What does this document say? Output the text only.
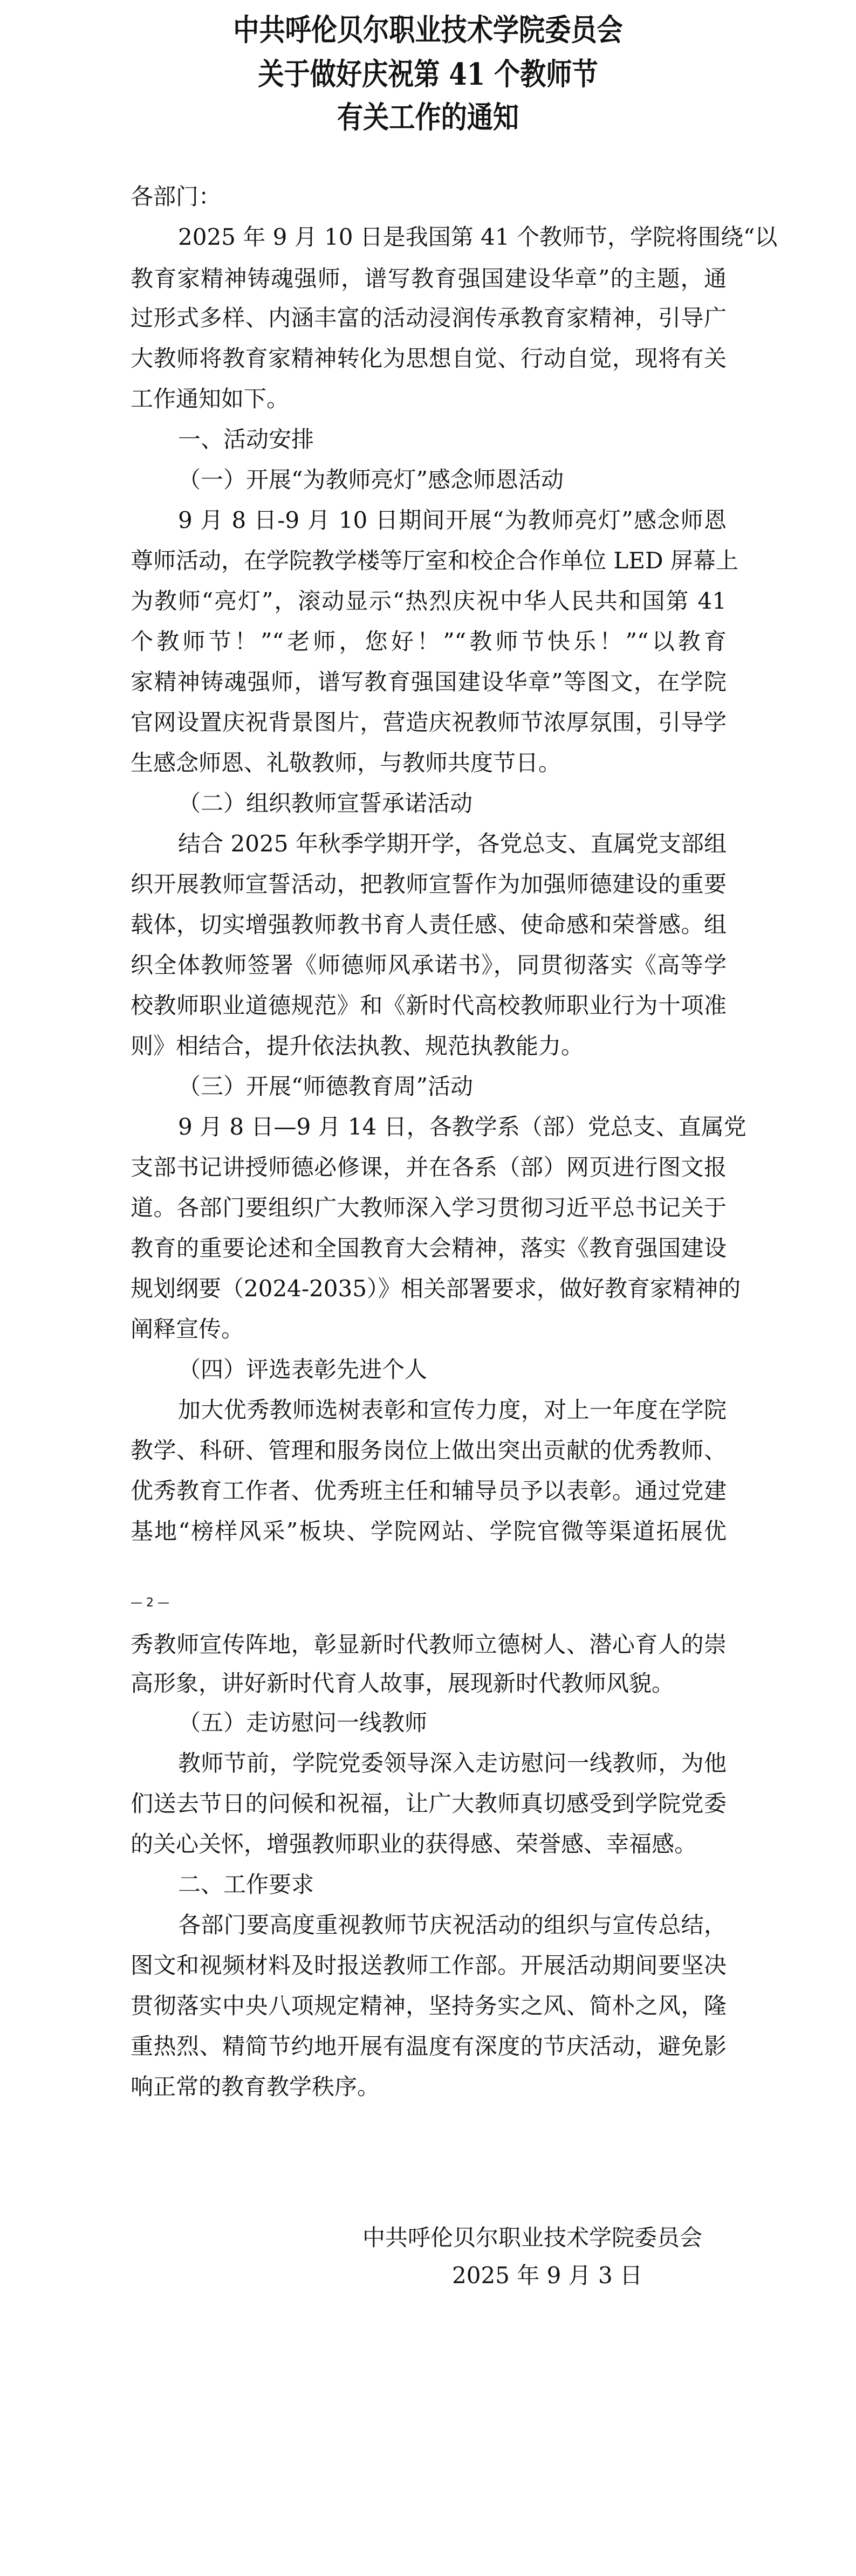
中共呼伦贝尔职业技术学院委员会
关于做好庆祝第 41 个教师节
有关工作的通知
各部门：
2025 年 9 月 10 日是我国第 41 个教师节，学院将围绕“以
教育家精神铸魂强师，谱写教育强国建设华章”的主题，通
过形式多样、内涵丰富的活动浸润传承教育家精神，引导广
大教师将教育家精神转化为思想自觉、行动自觉，现将有关
工作通知如下。
一、活动安排
（一）开展“为教师亮灯”感念师恩活动
9 月 8 日-9 月 10 日期间开展“为教师亮灯”感念师恩
尊师活动，在学院教学楼等厅室和校企合作单位 LED 屏幕上
为教师“亮灯”，滚动显示“热烈庆祝中华人民共和国第 41
个教师节！”“老师，您好！”“教师节快乐！”“以教育
家精神铸魂强师，谱写教育强国建设华章”等图文，在学院
官网设置庆祝背景图片，营造庆祝教师节浓厚氛围，引导学
生感念师恩、礼敬教师，与教师共度节日。
（二）组织教师宣誓承诺活动
结合 2025 年秋季学期开学，各党总支、直属党支部组
织开展教师宣誓活动，把教师宣誓作为加强师德建设的重要
载体，切实增强教师教书育人责任感、使命感和荣誉感。组
织全体教师签署《师德师风承诺书》，同贯彻落实《高等学
校教师职业道德规范》和《新时代高校教师职业行为十项准
则》相结合，提升依法执教、规范执教能力。
（三）开展“师德教育周”活动
9 月 8 日—9 月 14 日，各教学系（部）党总支、直属党
支部书记讲授师德必修课，并在各系（部）网页进行图文报
道。各部门要组织广大教师深入学习贯彻习近平总书记关于
教育的重要论述和全国教育大会精神，落实《教育强国建设
规划纲要（2024-2035）》相关部署要求，做好教育家精神的
阐释宣传。
（四）评选表彰先进个人
加大优秀教师选树表彰和宣传力度，对上一年度在学院
教学、科研、管理和服务岗位上做出突出贡献的优秀教师、
优秀教育工作者、优秀班主任和辅导员予以表彰。通过党建
基地“榜样风采”板块、学院网站、学院官微等渠道拓展优
— 2 —
秀教师宣传阵地，彰显新时代教师立德树人、潜心育人的崇
高形象，讲好新时代育人故事，展现新时代教师风貌。
（五）走访慰问一线教师
教师节前，学院党委领导深入走访慰问一线教师，为他
们送去节日的问候和祝福，让广大教师真切感受到学院党委
的关心关怀，增强教师职业的获得感、荣誉感、幸福感。
二、工作要求
各部门要高度重视教师节庆祝活动的组织与宣传总结，
图文和视频材料及时报送教师工作部。开展活动期间要坚决
贯彻落实中央八项规定精神，坚持务实之风、简朴之风，隆
重热烈、精简节约地开展有温度有深度的节庆活动，避免影
响正常的教育教学秩序。
中共呼伦贝尔职业技术学院委员会
2025 年 9 月 3 日
